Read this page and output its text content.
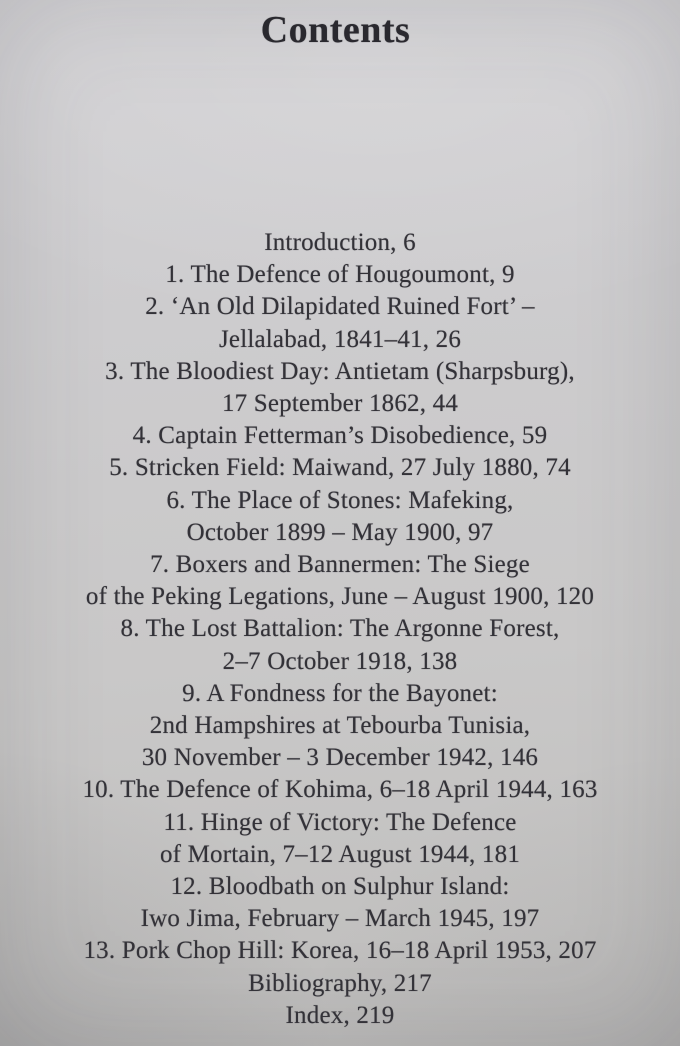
Contents
Introduction, 6
1. The Defence of Hougoumont, 9
2. ‘An Old Dilapidated Ruined Fort’ –
Jellalabad, 1841–41, 26
3. The Bloodiest Day: Antietam (Sharpsburg),
17 September 1862, 44
4. Captain Fetterman’s Disobedience, 59
5. Stricken Field: Maiwand, 27 July 1880, 74
6. The Place of Stones: Mafeking,
October 1899 – May 1900, 97
7. Boxers and Bannermen: The Siege
of the Peking Legations, June – August 1900, 120
8. The Lost Battalion: The Argonne Forest,
2–7 October 1918, 138
9. A Fondness for the Bayonet:
2nd Hampshires at Tebourba Tunisia,
30 November – 3 December 1942, 146
10. The Defence of Kohima, 6–18 April 1944, 163
11. Hinge of Victory: The Defence
of Mortain, 7–12 August 1944, 181
12. Bloodbath on Sulphur Island:
Iwo Jima, February – March 1945, 197
13. Pork Chop Hill: Korea, 16–18 April 1953, 207
Bibliography, 217
Index, 219
